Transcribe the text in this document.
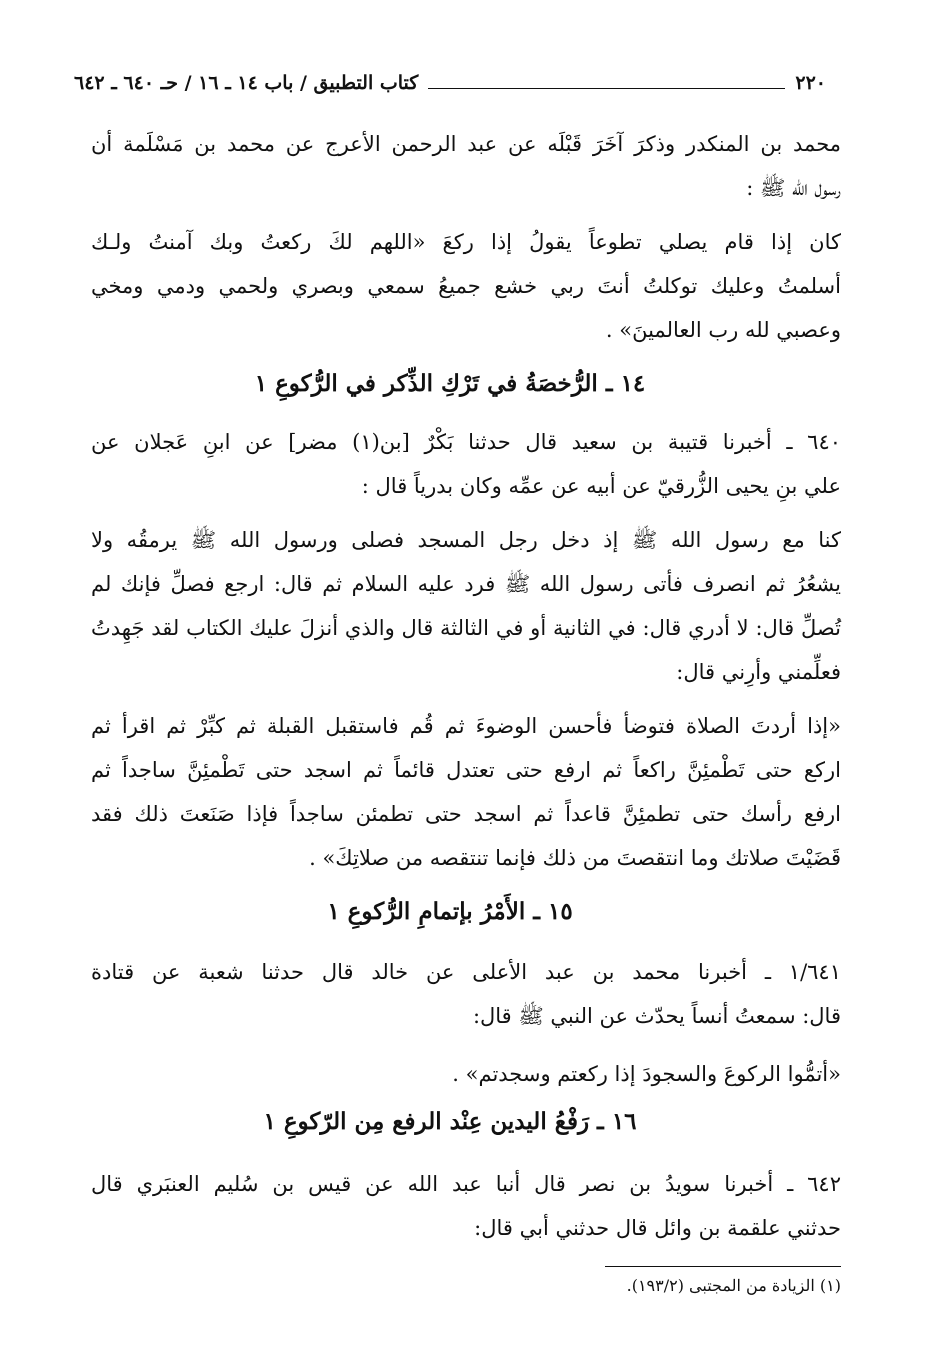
٢٢٠
كتاب التطبيق / باب ١٤ ـ ١٦ / حـ ٦٤٠ ـ ٦٤٢
محمد بن المنكدر وذكرَ آخَرَ قَبْلَه عن عبد الرحمن الأعرج عن محمد بن مَسْلَمة أن
رسول الله ﷺ :
كان إذا قام يصلي تطوعاً يقولُ إذا ركعَ «اللهم لكَ ركعتُ وبك آمنتُ ولـك
أسلمتُ وعليك توكلتُ أنتَ ربي خشع جميعُ سمعي وبصري ولحمي ودمي ومخي
وعصبي لله رب العالمينَ» .
١٤ ـ الرُّخصَةُ في تَرْكِ الذِّكر في الرُّكوعِ ١
٦٤٠ ـ أخبرنا قتيبة بن سعيد قال حدثنا بَكْرٌ [بن(١) مضر] عن ابنِ عَجلان عن
علي بنِ يحيى الزُّرقيّ عن أبيه عن عمِّه وكان بدرياً قال :
كنا مع رسول الله ﷺ إذ دخل رجل المسجد فصلى ورسول الله ﷺ يرمقُه ولا
يشعُرُ ثم انصرف فأتى رسول الله ﷺ فرد عليه السلام ثم قال: ارجع فصلِّ فإنك لم
تُصلِّ قال: لا أدري قال: في الثانية أو في الثالثة قال والذي أنزلَ عليك الكتاب لقد جَهِدتُ
فعلِّمني وأرِني قال:
«إذا أردتَ الصلاة فتوضأ فأحسن الوضوءَ ثم قُم فاستقبل القبلة ثم كبِّرْ ثم اقرأ ثم
اركع حتى تَطْمئِنَّ راكعاً ثم ارفع حتى تعتدل قائماً ثم اسجد حتى تَطْمئِنَّ ساجداً ثم
ارفع رأسك حتى تطمئِنَّ قاعداً ثم اسجد حتى تطمئن ساجداً فإذا صَنَعتَ ذلك فقد
قَضَيْتَ صلاتك وما انتقصتَ من ذلك فإنما تنتقصه من صلاتِكَ» .
١٥ ـ الأَمْرُ بإتمامِ الرُّكوعِ ١
١/٦٤١ ـ أخبرنا محمد بن عبد الأعلى عن خالد قال حدثنا شعبة عن قتادة
قال: سمعتُ أنساً يحدّث عن النبي ﷺ قال:
«أتمُّوا الركوعَ والسجودَ إذا ركعتم وسجدتم» .
١٦ ـ رَفْعُ اليدين عِنْد الرفع مِن الرّكوعِ ١
٦٤٢ ـ أخبرنا سويدُ بن نصر قال أنبا عبد الله عن قيس بن سُليم العنبَري قال
حدثني علقمة بن وائل قال حدثني أبي قال:
(١) الزيادة من المجتبى (١٩٣/٢).
